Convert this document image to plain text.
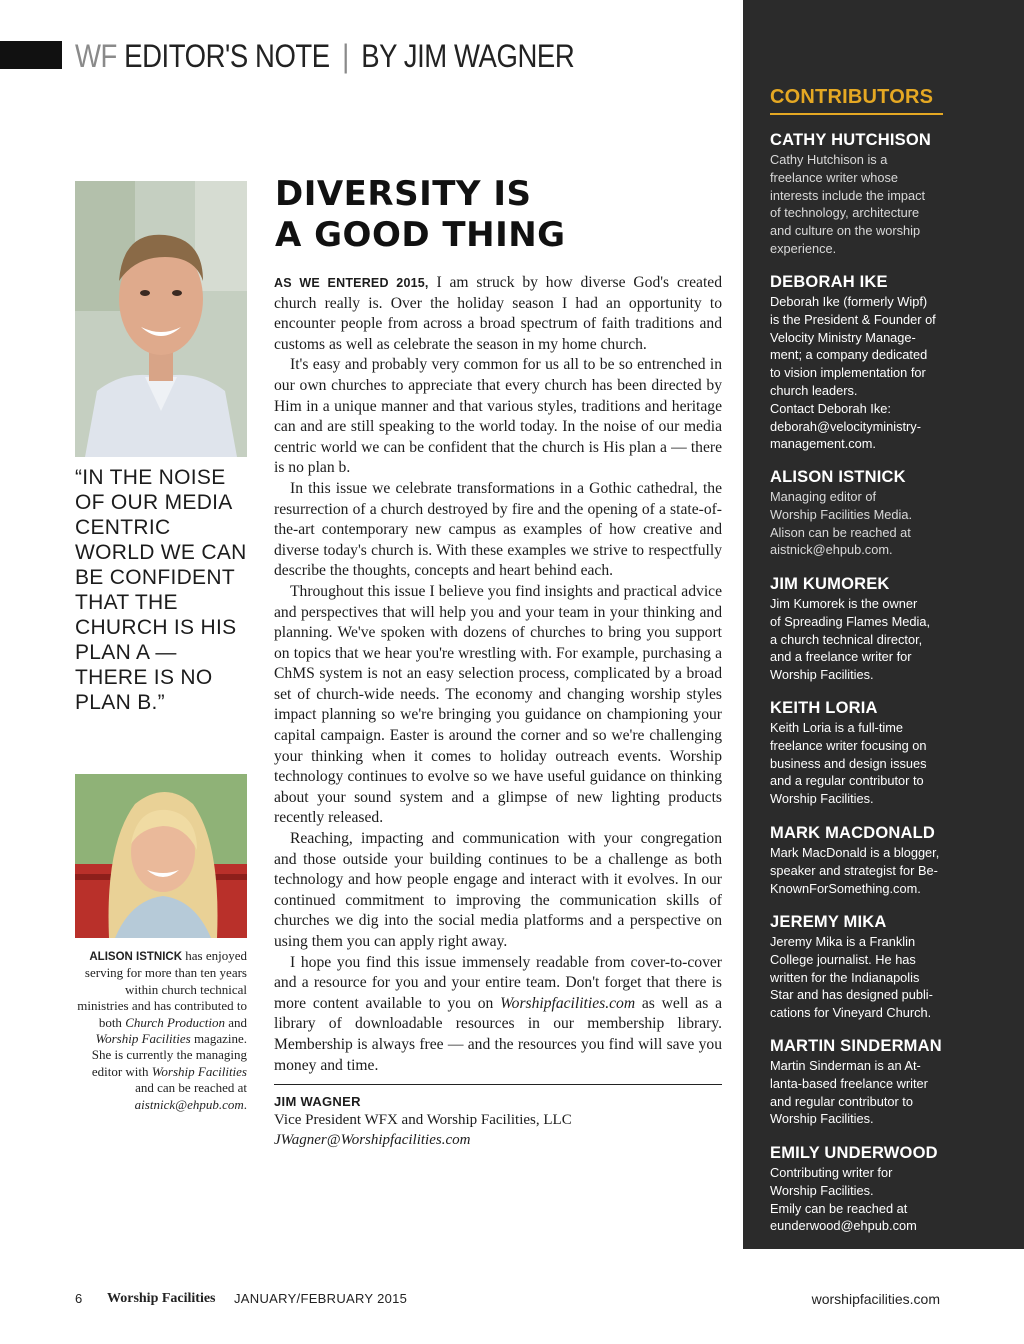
WF EDITOR'S NOTE | BY JIM WAGNER
“IN THE NOISE OF OUR MEDIA CENTRIC WORLD WE CAN BE CONFIDENT THAT THE CHURCH IS HIS PLAN A — THERE IS NO PLAN B.”
ALISON ISTNICK has enjoyed serving for more than ten years within church technical ministries and has contributed to both Church Production and Worship Facilities magazine. She is currently the managing editor with Worship Facilities and can be reached at aistnick@ehpub.com.
DIVERSITY IS
A GOOD THING

AS WE ENTERED 2015, I am struck by how diverse God's created church really is. Over the holiday season I had an opportunity to encounter people from across a broad spectrum of faith traditions and customs as well as celebrate the season in my home church.

It's easy and probably very common for us all to be so entrenched in our own churches to appreciate that every church has been directed by Him in a unique manner and that various styles, traditions and heritage can and are still speaking to the world today. In the noise of our media centric world we can be confident that the church is His plan a — there is no plan b.

In this issue we celebrate transformations in a Gothic cathedral, the resurrection of a church destroyed by fire and the opening of a state-of-the-art contemporary new campus as examples of how creative and diverse today's church is. With these examples we strive to respectfully describe the thoughts, concepts and heart behind each.

Throughout this issue I believe you find insights and practical advice and perspectives that will help you and your team in your thinking and planning. We've spoken with dozens of churches to bring you support on topics that we hear you're wrestling with. For example, purchasing a ChMS system is not an easy selection process, complicated by a broad set of church-wide needs. The economy and changing worship styles impact planning so we're bringing you guidance on championing your capital campaign. Easter is around the corner and so we're challenging your thinking when it comes to holiday outreach events. Worship technology continues to evolve so we have useful guidance on thinking about your sound system and a glimpse of new lighting products recently released.

Reaching, impacting and communication with your congregation and those outside your building continues to be a challenge as both technology and how people engage and interact with it evolves. In our continued commitment to improving the communication skills of churches we dig into the social media platforms and a perspective on using them you can apply right away.

I hope you find this issue immensely readable from cover-to-cover and a resource for you and your entire team. Don't forget that there is more content available to you on Worshipfacilities.com as well as a library of downloadable resources in our membership library. Membership is always free — and the resources you find will save you money and time.

JIM WAGNER
Vice President WFX and Worship Facilities, LLC
JWagner@Worshipfacilities.com
CONTRIBUTORS
CATHY HUTCHISON
Cathy Hutchison is a
freelance writer whose
interests include the impact
of technology, architecture
and culture on the worship
experience.
DEBORAH IKE
Deborah Ike (formerly Wipf)
is the President & Founder of
Velocity Ministry Manage-
ment; a company dedicated
to vision implementation for
church leaders.
Contact Deborah Ike:
deborah@velocityministry-
management.com.
ALISON ISTNICK
Managing editor of
Worship Facilities Media.
Alison can be reached at
aistnick@ehpub.com.
JIM KUMOREK
Jim Kumorek is the owner
of Spreading Flames Media,
a church technical director,
and a freelance writer for
Worship Facilities.
KEITH LORIA
Keith Loria is a full-time
freelance writer focusing on
business and design issues
and a regular contributor to
Worship Facilities.
MARK MACDONALD
Mark MacDonald is a blogger,
speaker and strategist for Be-
KnownForSomething.com.
JEREMY MIKA
Jeremy Mika is a Franklin
College journalist. He has
written for the Indianapolis
Star and has designed publi-
cations for Vineyard Church.
MARTIN SINDERMAN
Martin Sinderman is an At-
lanta-based freelance writer
and regular contributor to
Worship Facilities.
EMILY UNDERWOOD
Contributing writer for
Worship Facilities.
Emily can be reached at
eunderwood@ehpub.com
6 Worship Facilities JANUARY/FEBRUARY 2015	worshipfacilities.com
